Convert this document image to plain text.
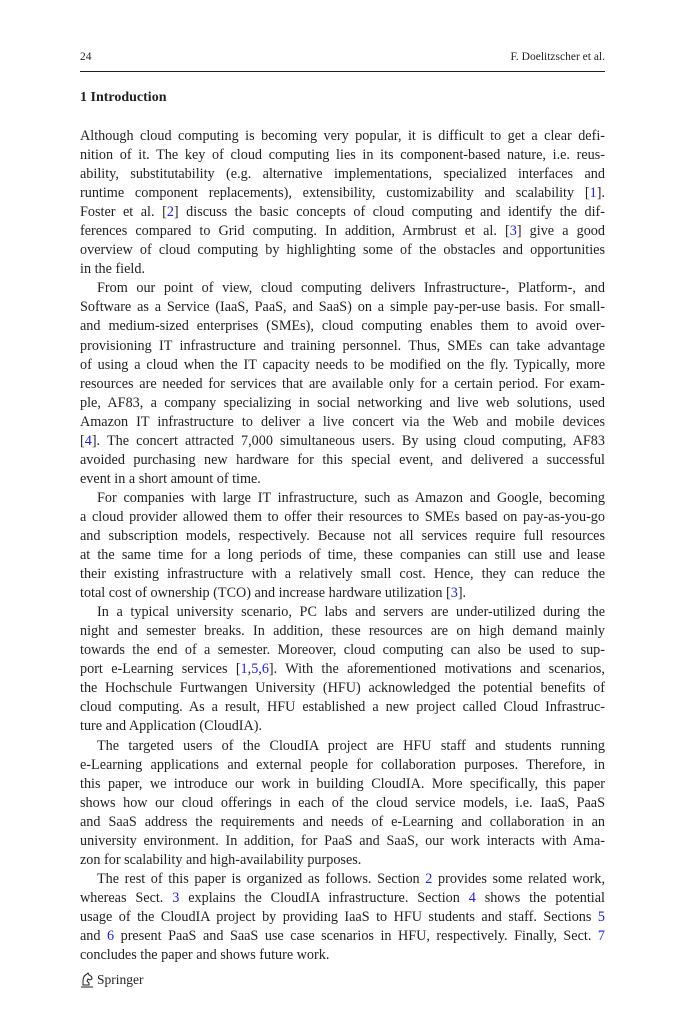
24	F. Doelitzscher et al.
1 Introduction
Although cloud computing is becoming very popular, it is difficult to get a clear defi-
nition of it. The key of cloud computing lies in its component-based nature, i.e. reus-
ability, substitutability (e.g. alternative implementations, specialized interfaces and
runtime component replacements), extensibility, customizability and scalability [1].
Foster et al. [2] discuss the basic concepts of cloud computing and identify the dif-
ferences compared to Grid computing. In addition, Armbrust et al. [3] give a good
overview of cloud computing by highlighting some of the obstacles and opportunities
in the field.
From our point of view, cloud computing delivers Infrastructure-, Platform-, and
Software as a Service (IaaS, PaaS, and SaaS) on a simple pay-per-use basis. For small-
and medium-sized enterprises (SMEs), cloud computing enables them to avoid over-
provisioning IT infrastructure and training personnel. Thus, SMEs can take advantage
of using a cloud when the IT capacity needs to be modified on the fly. Typically, more
resources are needed for services that are available only for a certain period. For exam-
ple, AF83, a company specializing in social networking and live web solutions, used
Amazon IT infrastructure to deliver a live concert via the Web and mobile devices
[4]. The concert attracted 7,000 simultaneous users. By using cloud computing, AF83
avoided purchasing new hardware for this special event, and delivered a successful
event in a short amount of time.
For companies with large IT infrastructure, such as Amazon and Google, becoming
a cloud provider allowed them to offer their resources to SMEs based on pay-as-you-go
and subscription models, respectively. Because not all services require full resources
at the same time for a long periods of time, these companies can still use and lease
their existing infrastructure with a relatively small cost. Hence, they can reduce the
total cost of ownership (TCO) and increase hardware utilization [3].
In a typical university scenario, PC labs and servers are under-utilized during the
night and semester breaks. In addition, these resources are on high demand mainly
towards the end of a semester. Moreover, cloud computing can also be used to sup-
port e-Learning services [1,5,6]. With the aforementioned motivations and scenarios,
the Hochschule Furtwangen University (HFU) acknowledged the potential benefits of
cloud computing. As a result, HFU established a new project called Cloud Infrastruc-
ture and Application (CloudIA).
The targeted users of the CloudIA project are HFU staff and students running
e-Learning applications and external people for collaboration purposes. Therefore, in
this paper, we introduce our work in building CloudIA. More specifically, this paper
shows how our cloud offerings in each of the cloud service models, i.e. IaaS, PaaS
and SaaS address the requirements and needs of e-Learning and collaboration in an
university environment. In addition, for PaaS and SaaS, our work interacts with Ama-
zon for scalability and high-availability purposes.
The rest of this paper is organized as follows. Section 2 provides some related work,
whereas Sect. 3 explains the CloudIA infrastructure. Section 4 shows the potential
usage of the CloudIA project by providing IaaS to HFU students and staff. Sections 5
and 6 present PaaS and SaaS use case scenarios in HFU, respectively. Finally, Sect. 7
concludes the paper and shows future work.
Springer
